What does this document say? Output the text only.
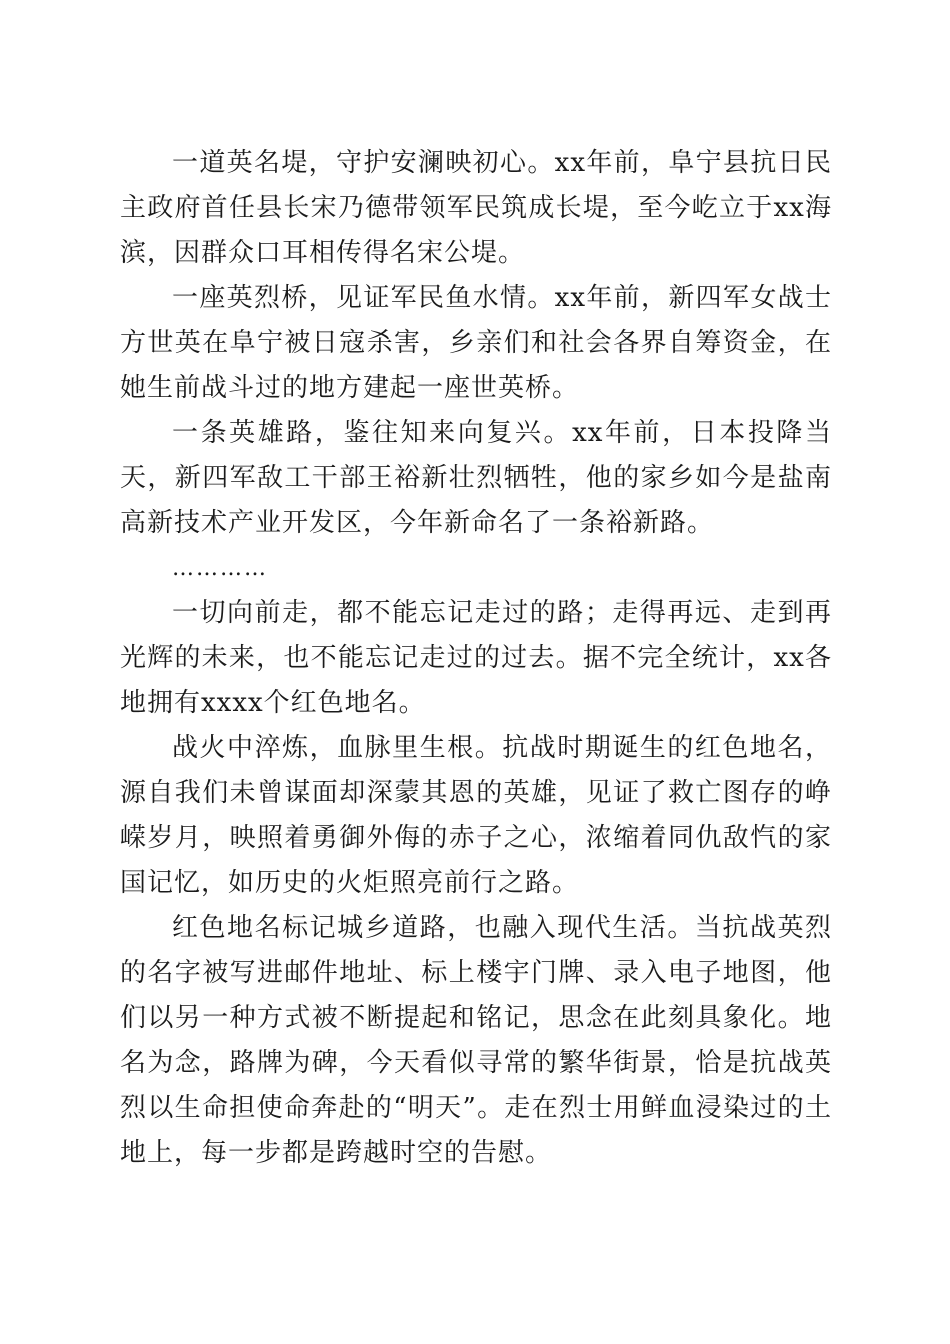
一道英名堤，守护安澜映初心。xx年前，阜宁县抗日民主政府首任县长宋乃德带领军民筑成长堤，至今屹立于xx海滨，因群众口耳相传得名宋公堤。

一座英烈桥，见证军民鱼水情。xx年前，新四军女战士方世英在阜宁被日寇杀害，乡亲们和社会各界自筹资金，在她生前战斗过的地方建起一座世英桥。

一条英雄路，鉴往知来向复兴。xx年前，日本投降当天，新四军敌工干部王裕新壮烈牺牲，他的家乡如今是盐南高新技术产业开发区，今年新命名了一条裕新路。

…………

一切向前走，都不能忘记走过的路；走得再远、走到再光辉的未来，也不能忘记走过的过去。据不完全统计，xx各地拥有xxxx个红色地名。

战火中淬炼，血脉里生根。抗战时期诞生的红色地名，源自我们未曾谋面却深蒙其恩的英雄，见证了救亡图存的峥嵘岁月，映照着勇御外侮的赤子之心，浓缩着同仇敌忾的家国记忆，如历史的火炬照亮前行之路。

红色地名标记城乡道路，也融入现代生活。当抗战英烈的名字被写进邮件地址、标上楼宇门牌、录入电子地图，他们以另一种方式被不断提起和铭记，思念在此刻具象化。地名为念，路牌为碑，今天看似寻常的繁华街景，恰是抗战英烈以生命担使命奔赴的“明天”。走在烈士用鲜血浸染过的土地上，每一步都是跨越时空的告慰。
